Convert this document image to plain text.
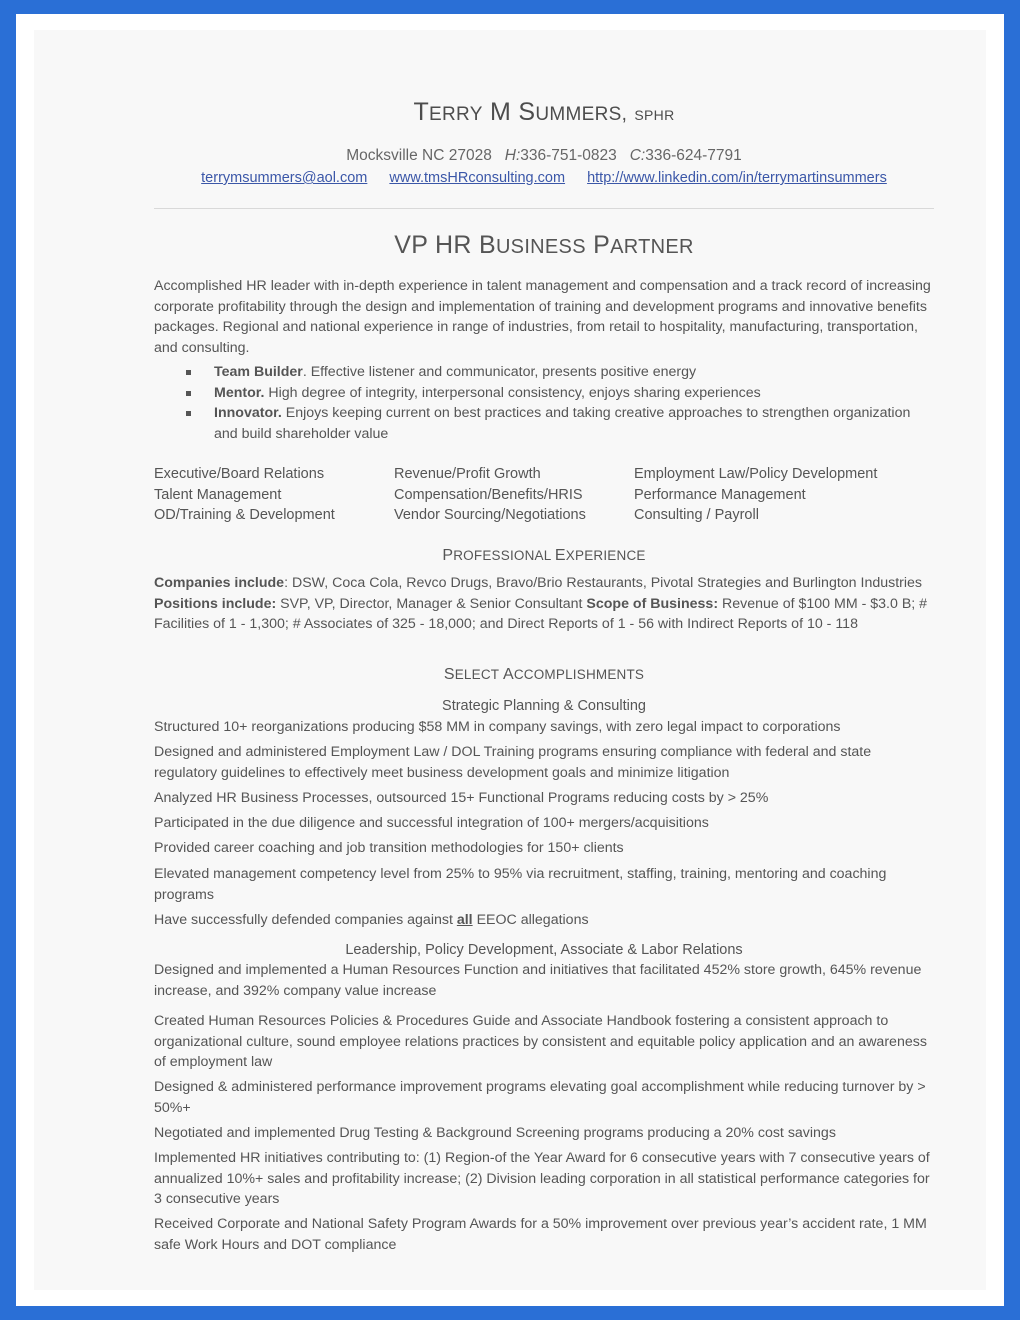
TERRY M SUMMERS, SPHR
Mocksville NC 27028 H:336-751-0823 C:336-624-7791
terrymsummers@aol.com www.tmsHRconsulting.com http://www.linkedin.com/in/terrymartinsummers
VP HR BUSINESS PARTNER
Accomplished HR leader with in-depth experience in talent management and compensation and a track record of increasing corporate profitability through the design and implementation of training and development programs and innovative benefits packages. Regional and national experience in range of industries, from retail to hospitality, manufacturing, transportation, and consulting.
Team Builder. Effective listener and communicator, presents positive energy
Mentor. High degree of integrity, interpersonal consistency, enjoys sharing experiences
Innovator. Enjoys keeping current on best practices and taking creative approaches to strengthen organization and build shareholder value
Executive/Board Relations	Revenue/Profit Growth	Employment Law/Policy Development
Talent Management	Compensation/Benefits/HRIS	Performance Management
OD/Training & Development	Vendor Sourcing/Negotiations	Consulting / Payroll
PROFESSIONAL EXPERIENCE
Companies include: DSW, Coca Cola, Revco Drugs, Bravo/Brio Restaurants, Pivotal Strategies and Burlington Industries Positions include: SVP, VP, Director, Manager & Senior Consultant Scope of Business: Revenue of $100 MM - $3.0 B; # Facilities of 1 - 1,300; # Associates of 325 - 18,000; and Direct Reports of 1 - 56 with Indirect Reports of 10 - 118
SELECT ACCOMPLISHMENTS
Strategic Planning & Consulting
Structured 10+ reorganizations producing $58 MM in company savings, with zero legal impact to corporations
Designed and administered Employment Law / DOL Training programs ensuring compliance with federal and state regulatory guidelines to effectively meet business development goals and minimize litigation
Analyzed HR Business Processes, outsourced 15+ Functional Programs reducing costs by > 25%
Participated in the due diligence and successful integration of 100+ mergers/acquisitions
Provided career coaching and job transition methodologies for 150+ clients
Elevated management competency level from 25% to 95% via recruitment, staffing, training, mentoring and coaching programs
Have successfully defended companies against all EEOC allegations
Leadership, Policy Development, Associate & Labor Relations
Designed and implemented a Human Resources Function and initiatives that facilitated 452% store growth, 645% revenue increase, and 392% company value increase
Created Human Resources Policies & Procedures Guide and Associate Handbook fostering a consistent approach to organizational culture, sound employee relations practices by consistent and equitable policy application and an awareness of employment law
Designed & administered performance improvement programs elevating goal accomplishment while reducing turnover by > 50%+
Negotiated and implemented Drug Testing & Background Screening programs producing a 20% cost savings
Implemented HR initiatives contributing to: (1) Region-of the Year Award for 6 consecutive years with 7 consecutive years of annualized 10%+ sales and profitability increase; (2) Division leading corporation in all statistical performance categories for 3 consecutive years
Received Corporate and National Safety Program Awards for a 50% improvement over previous year’s accident rate, 1 MM safe Work Hours and DOT compliance
